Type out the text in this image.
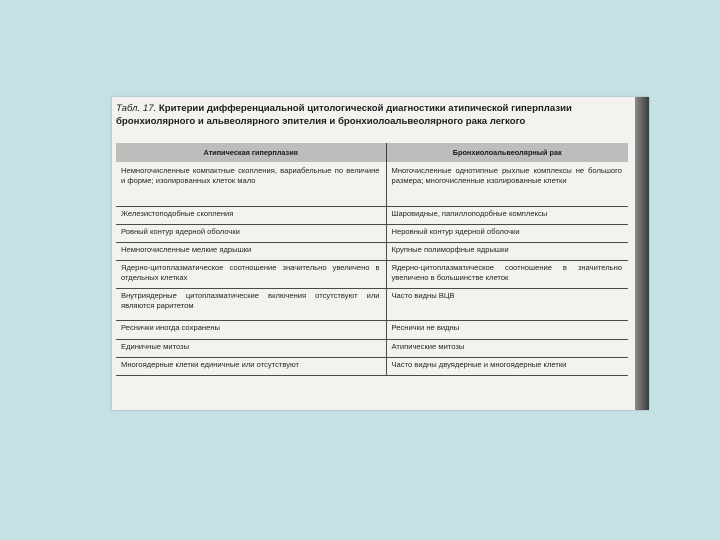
Табл. 17. Критерии дифференциальной цитологической диагностики атипической гиперплазии бронхиолярного и альвеолярного эпителия и бронхиолоальвеолярного рака легкого
Атипическая гиперплазия	Бронхиолоальвеолярный рак
Немногочисленные компактные скопления, вариабельные по величине и форме; изолированных клеток мало	Многочисленные однотипные рыхлые комплексы не большого размера; многочисленные изолированные клетки
Железистоподобные скопления	Шаровидные, папиллоподобные комплексы
Ровный контур ядерной оболочки	Неровный контур ядерной оболочки
Немногочисленные мелкие ядрышки	Крупные полиморфные ядрышки
Ядерно-цитоплазматическое соотношение значительно увеличено в отдельных клетках	Ядерно-цитоплазматическое соотношение в значительно увеличено в большинстве клеток
Внутриядерные цитоплазматические включения отсутствуют или являются раритетом	Часто видны ВЦВ
Реснички иногда сохранены	Реснички не видны
Единичные митозы	Атипические митозы
Многоядерные клетки единичные или отсутствуют	Часто видны двуядерные и многоядерные клетки
